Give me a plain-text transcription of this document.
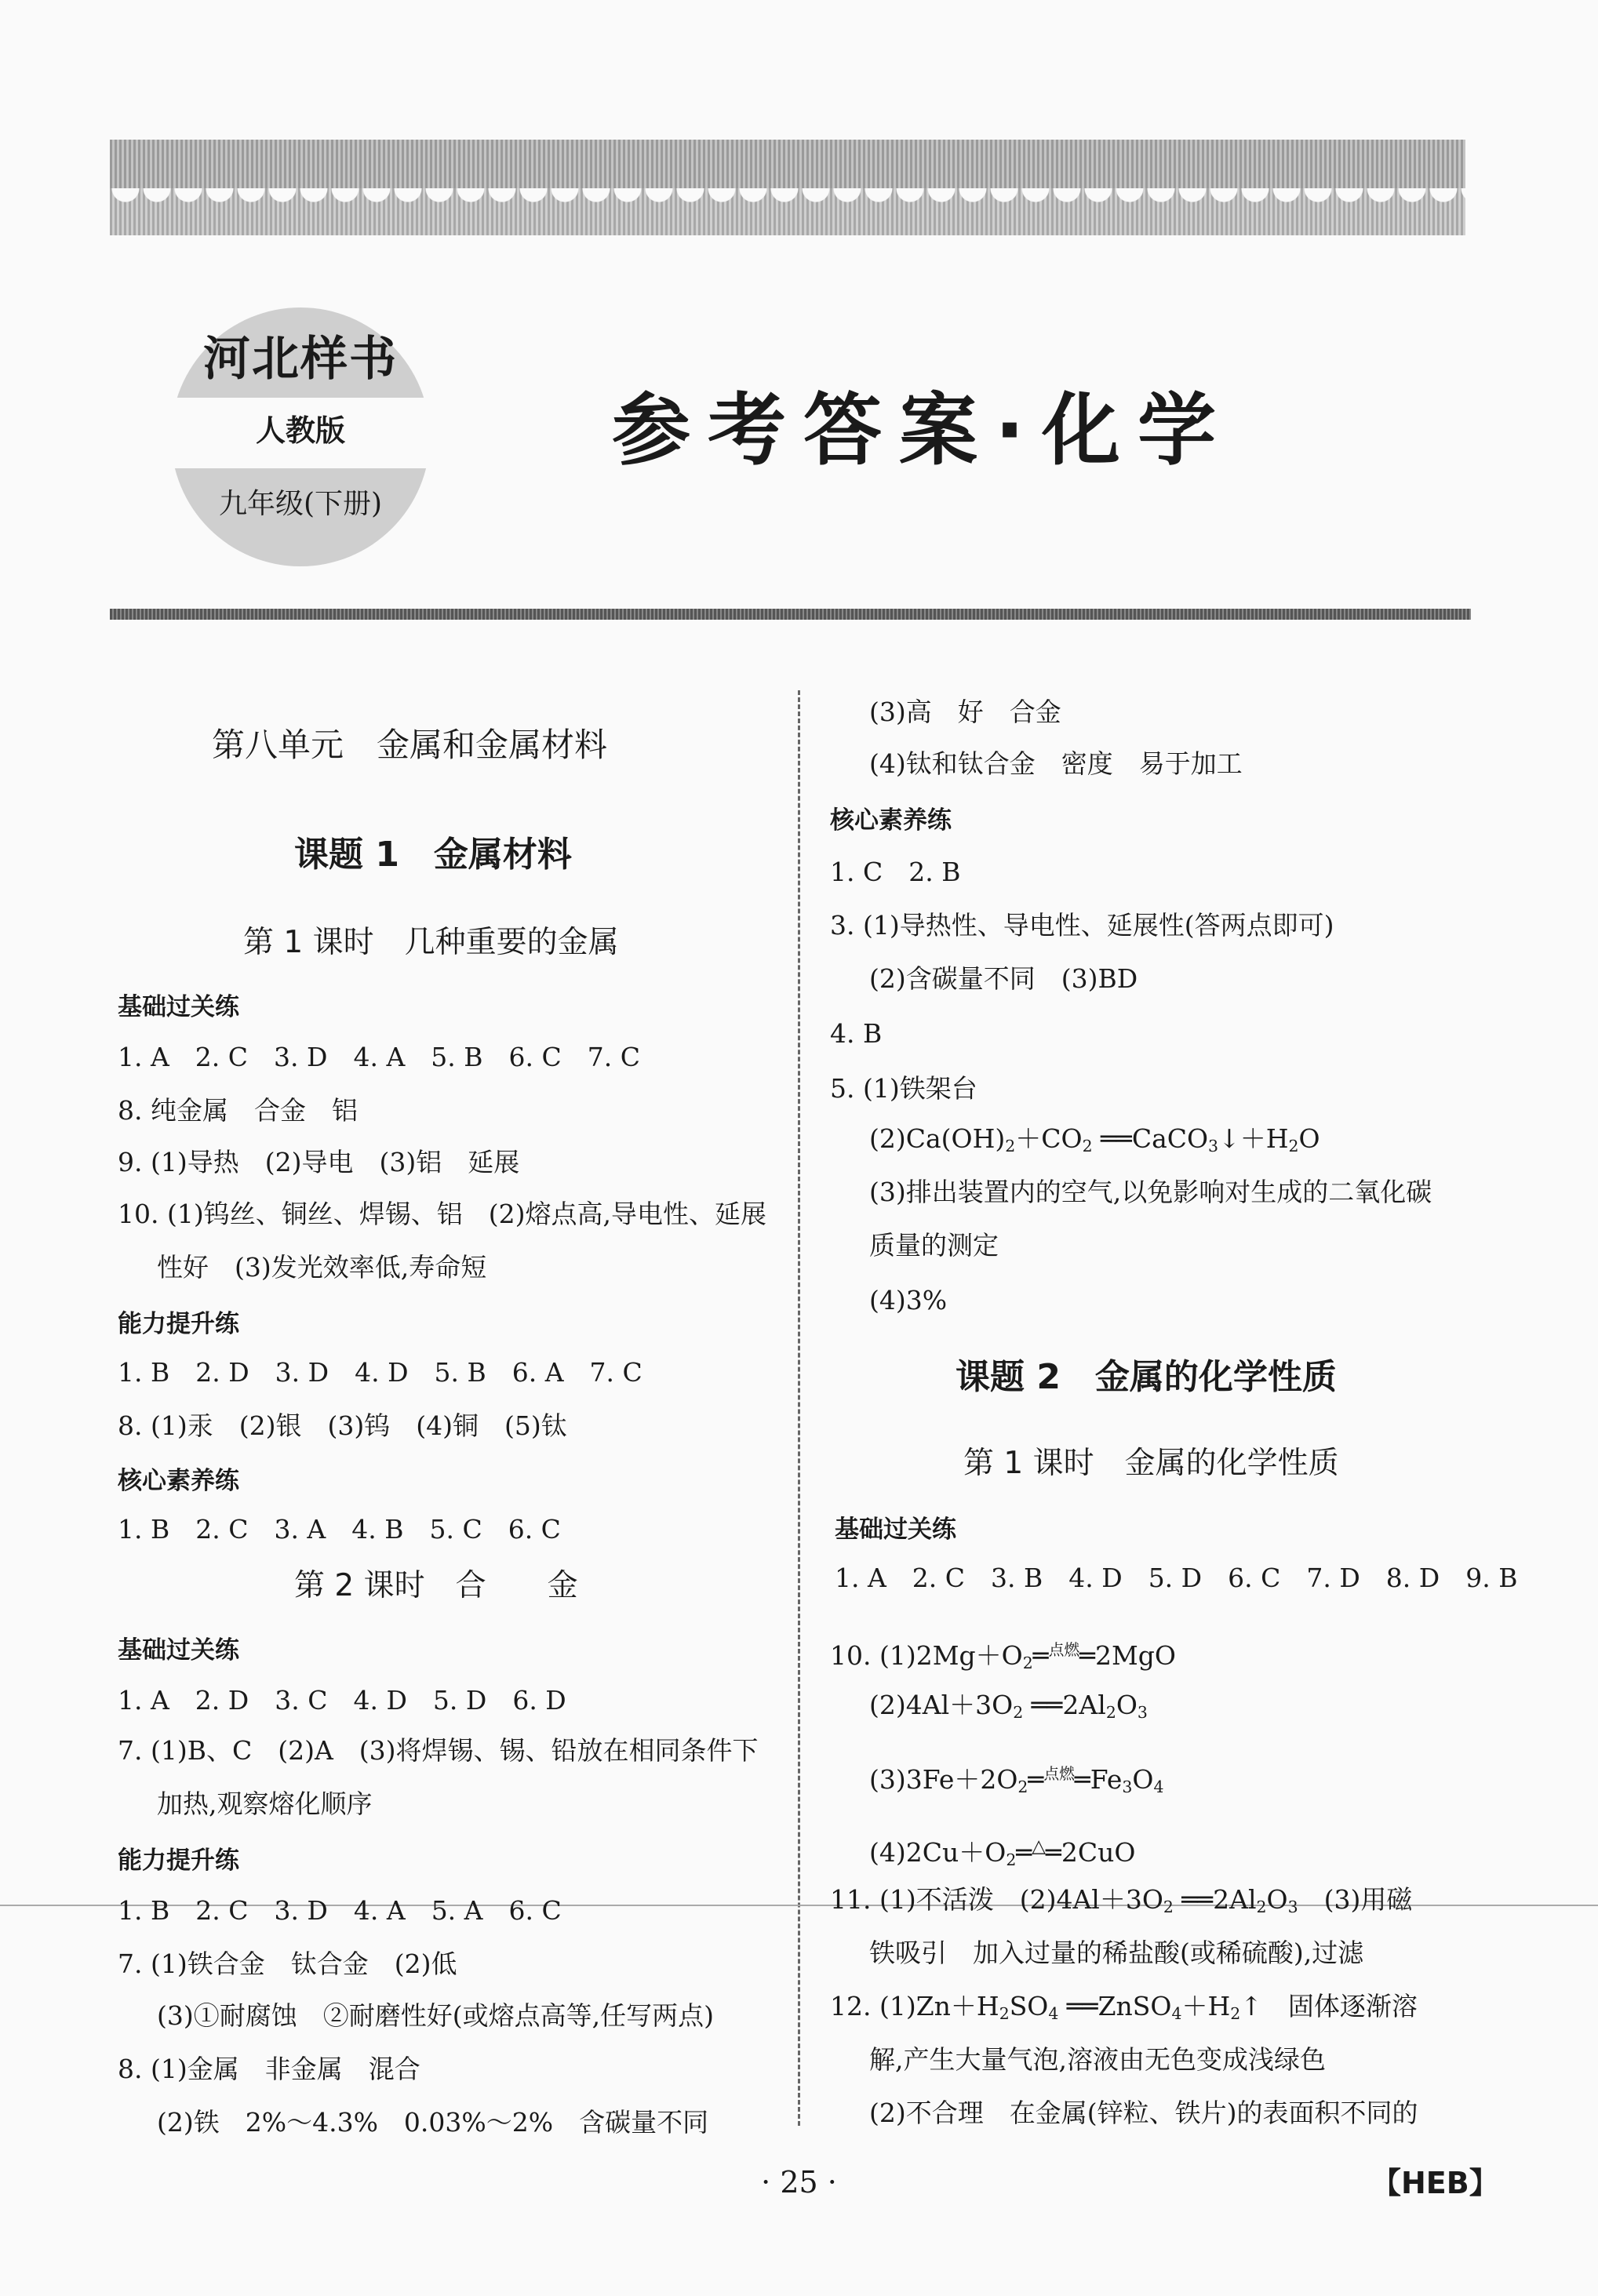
河北样书
人教版
九年级(下册)
参考答案·化学
第八单元　金属和金属材料
课题 1　金属材料
第 1 课时　几种重要的金属
基础过关练
1. A　2. C　3. D　4. A　5. B　6. C　7. C
8. 纯金属　合金　铝
9. (1)导热　(2)导电　(3)铝　延展
10. (1)钨丝、铜丝、焊锡、铝　(2)熔点高,导电性、延展
性好　(3)发光效率低,寿命短
能力提升练
1. B　2. D　3. D　4. D　5. B　6. A　7. C
8. (1)汞　(2)银　(3)钨　(4)铜　(5)钛
核心素养练
1. B　2. C　3. A　4. B　5. C　6. C
第 2 课时　合　　金
基础过关练
1. A　2. D　3. C　4. D　5. D　6. D
7. (1)B、C　(2)A　(3)将焊锡、锡、铅放在相同条件下
加热,观察熔化顺序
能力提升练
1. B　2. C　3. D　4. A　5. A　6. C
7. (1)铁合金　钛合金　(2)低
(3)①耐腐蚀　②耐磨性好(或熔点高等,任写两点)
8. (1)金属　非金属　混合
(2)铁　2%～4.3%　0.03%～2%　含碳量不同
(3)高　好　合金
(4)钛和钛合金　密度　易于加工
核心素养练
1. C　2. B
3. (1)导热性、导电性、延展性(答两点即可)
(2)含碳量不同　(3)BD
4. B
5. (1)铁架台
$(2)Ca(OH)_2+CO_2$ $══CaCO_3↓+H_2O$
(3)排出装置内的空气,以免影响对生成的二氧化碳
质量的测定
(4)3%
课题 2　金属的化学性质
第 1 课时　金属的化学性质
基础过关练
1. A　2. C　3. B　4. D　5. D　6. C　7. D　8. D　9. B
10. $(1)2Mg+O_2═^{点燃}═2MgO$
$(2)4Al+3O_2$ $══2Al_2O_3$
$(3)3Fe+2O_2═^{点燃}═Fe_3O_4$
$(4)2Cu+O_2═^\triangle═2CuO$
11. (1)不活泼　$(2)4Al+3O_2$ $══2Al_2O_3$　(3)用磁
铁吸引　加入过量的稀盐酸(或稀硫酸),过滤
12. $(1)Zn+H_2SO_4$ $══ZnSO_4+H_2↑$　固体逐渐溶
解,产生大量气泡,溶液由无色变成浅绿色
(2)不合理　在金属(锌粒、铁片)的表面积不同的
· 25 ·	【HEB】
